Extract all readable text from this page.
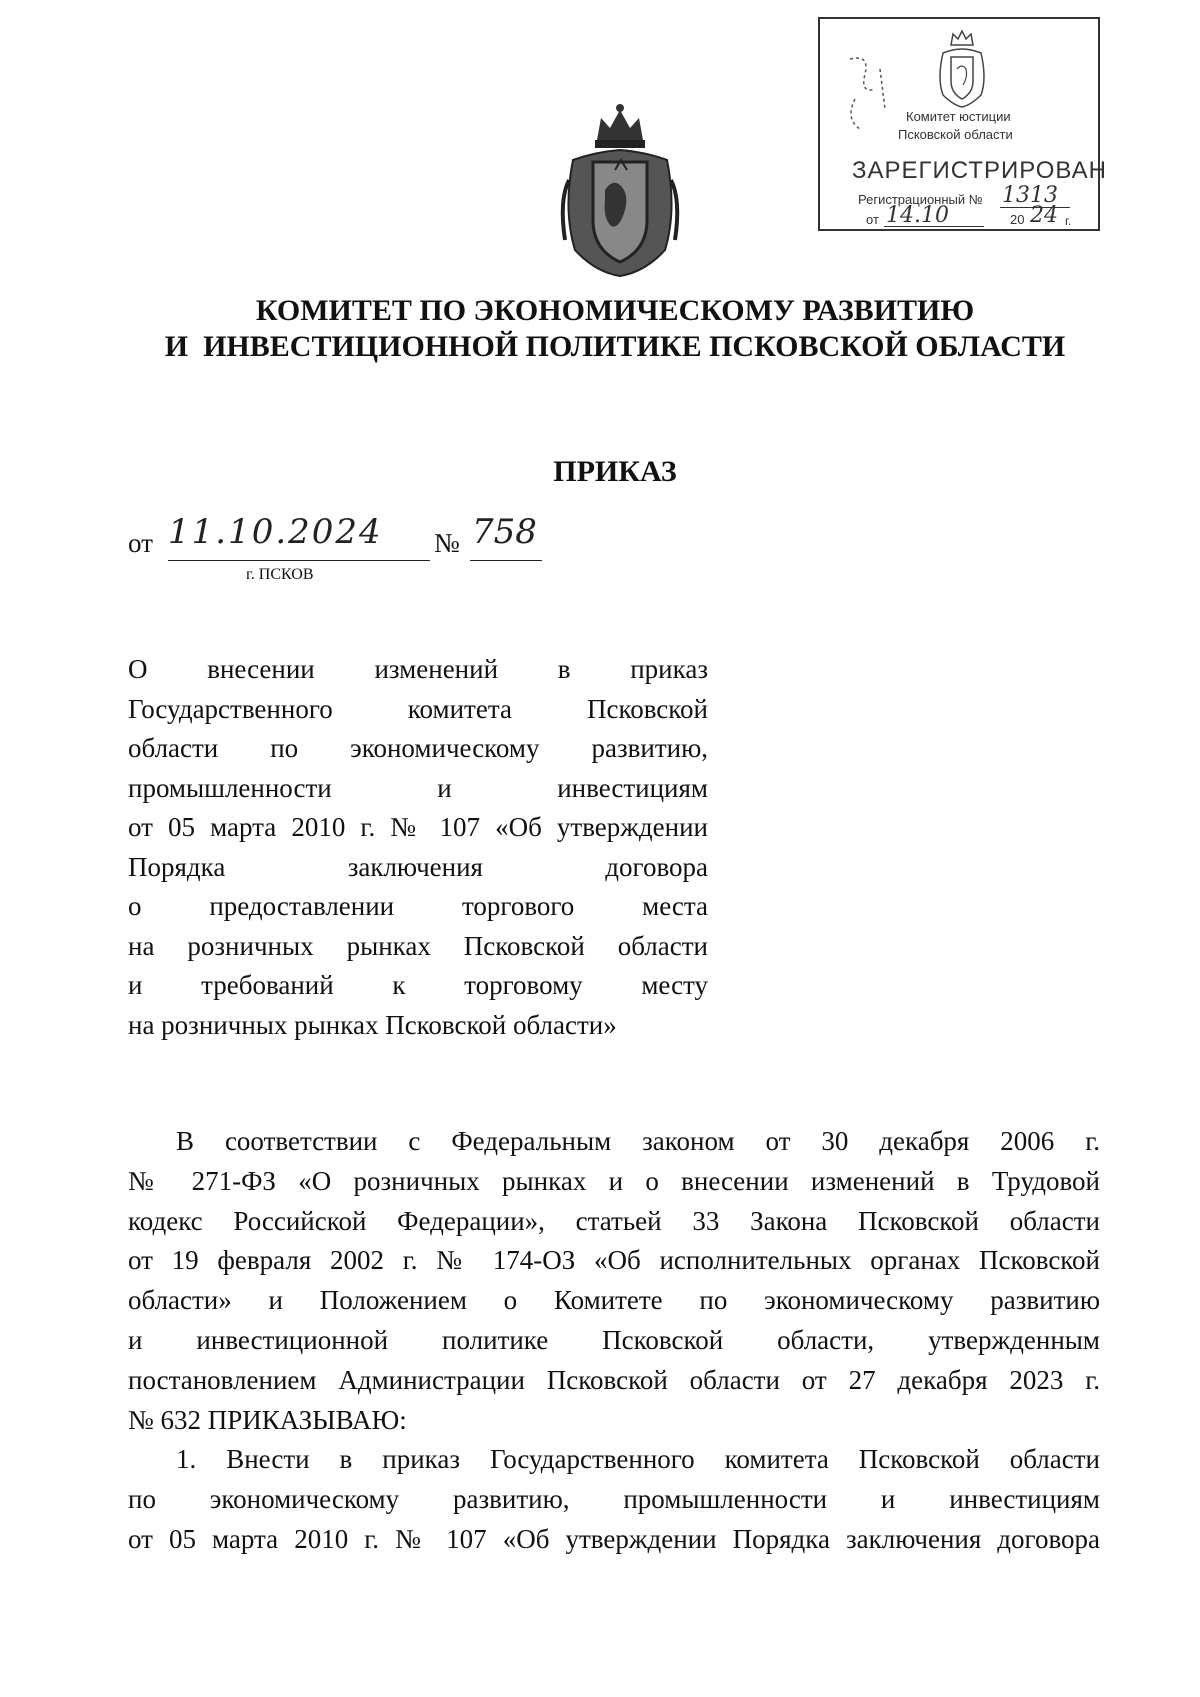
Комитет юстиции
Псковской области
ЗАРЕГИСТРИРОВАН
Регистрационный № 1313
от 14.10	20 24 г.
КОМИТЕТ ПО ЭКОНОМИЧЕСКОМУ РАЗВИТИЮ
И  ИНВЕСТИЦИОННОЙ ПОЛИТИКЕ ПСКОВСКОЙ ОБЛАСТИ
ПРИКАЗ
от 11.10.2024 № 758
г. ПСКОВ
О внесении изменений в приказ
Государственного комитета Псковской
области по экономическому развитию,
промышленности и инвестициям
от 05 марта 2010 г. № 107 «Об утверждении
Порядка заключения договора
о предоставлении торгового места
на розничных рынках Псковской области
и требований к торговому месту
на розничных рынках Псковской области»
В соответствии с Федеральным законом от 30 декабря 2006 г.
№ 271-ФЗ «О розничных рынках и о внесении изменений в Трудовой
кодекс Российской Федерации», статьей 33 Закона Псковской области
от 19 февраля 2002 г. № 174-ОЗ «Об исполнительных органах Псковской
области» и Положением о Комитете по экономическому развитию
и инвестиционной политике Псковской области, утвержденным
постановлением Администрации Псковской области от 27 декабря 2023 г.
№ 632 ПРИКАЗЫВАЮ:
1. Внести в приказ Государственного комитета Псковской области
по экономическому развитию, промышленности и инвестициям
от 05 марта 2010 г. № 107 «Об утверждении Порядка заключения договора
